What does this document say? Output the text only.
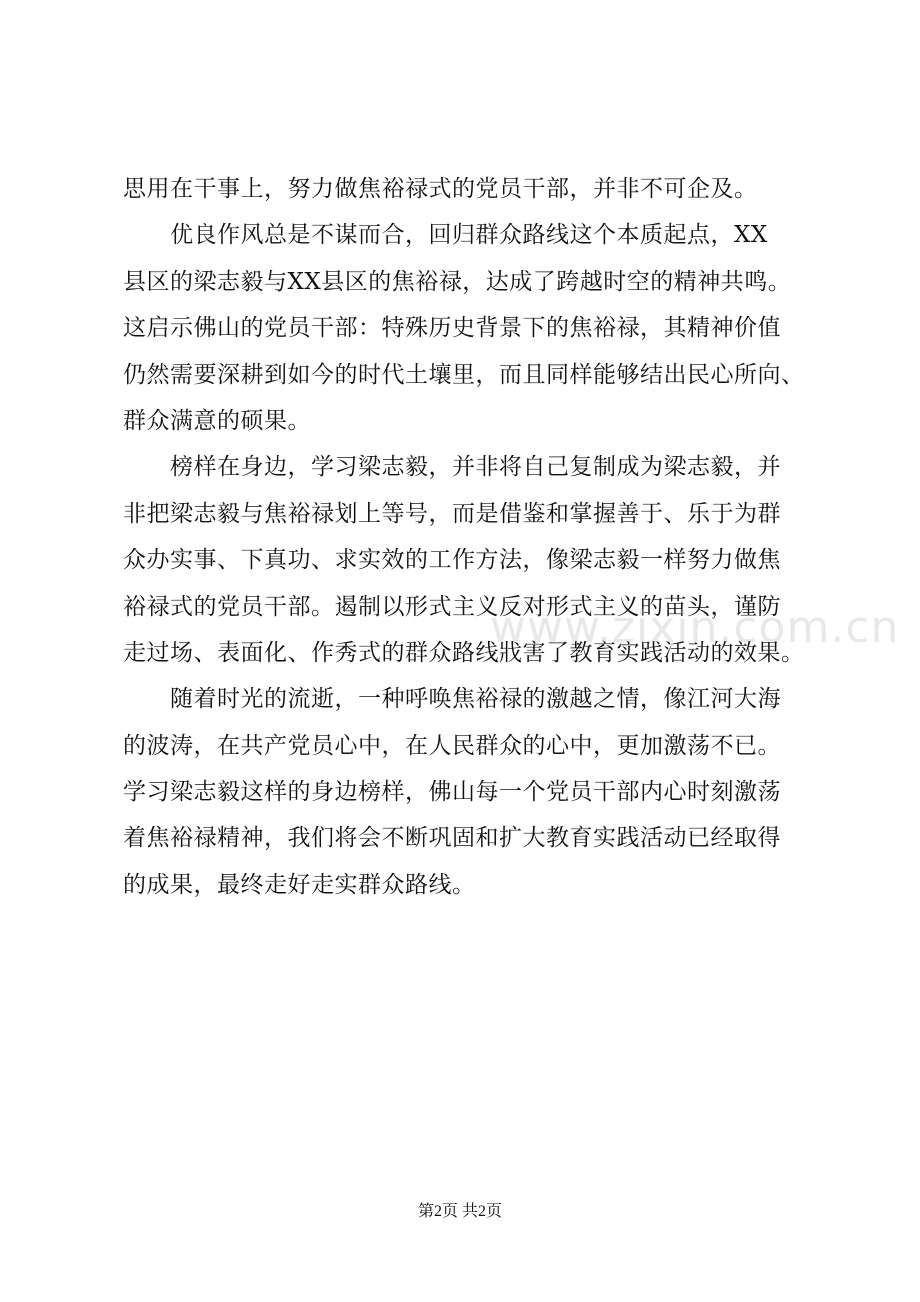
思用在干事上，努力做焦裕禄式的党员干部，并非不可企及。
优良作风总是不谋而合，回归群众路线这个本质起点，XX
县区的梁志毅与XX县区的焦裕禄，达成了跨越时空的精神共鸣。
这启示佛山的党员干部：特殊历史背景下的焦裕禄，其精神价值
仍然需要深耕到如今的时代土壤里，而且同样能够结出民心所向、
群众满意的硕果。
榜样在身边，学习梁志毅，并非将自己复制成为梁志毅，并
非把梁志毅与焦裕禄划上等号，而是借鉴和掌握善于、乐于为群
众办实事、下真功、求实效的工作方法，像梁志毅一样努力做焦
裕禄式的党员干部。遏制以形式主义反对形式主义的苗头，谨防
走过场、表面化、作秀式的群众路线戕害了教育实践活动的效果。
随着时光的流逝，一种呼唤焦裕禄的激越之情，像江河大海
的波涛，在共产党员心中，在人民群众的心中，更加激荡不已。
学习梁志毅这样的身边榜样，佛山每一个党员干部内心时刻激荡
着焦裕禄精神，我们将会不断巩固和扩大教育实践活动已经取得
的成果，最终走好走实群众路线。
www.zixin.com.cn
第2页 共2页
